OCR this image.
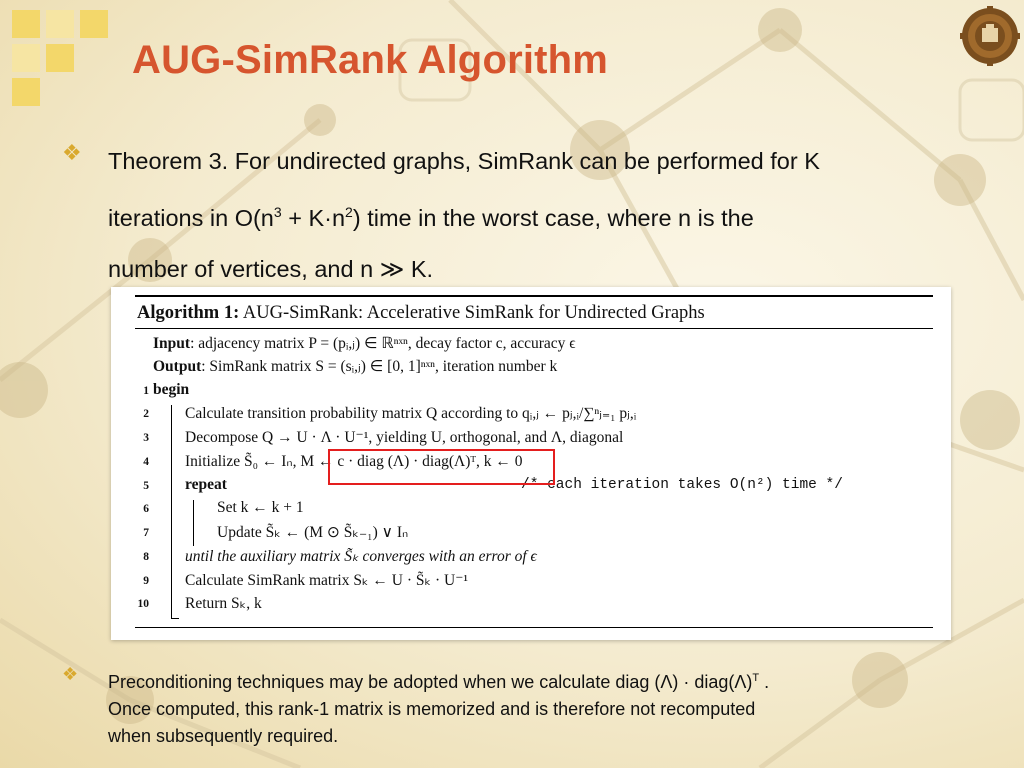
AUG-SimRank Algorithm
❖ Theorem 3. For undirected graphs, SimRank can be performed for K
iterations in $O(n^3 + K\cdot n^2)$ time in the worst case, where n is the
number of vertices, and n ≫ K.
Algorithm 1: AUG-SimRank: Accelerative SimRank for Undirected Graphs
Input: adjacency matrix P = (pᵢ,ⱼ) ∈ ℝⁿˣⁿ, decay factor c, accuracy ϵ
Output: SimRank matrix S = (sᵢ,ⱼ) ∈ [0, 1]ⁿˣⁿ, iteration number k
1
2
3
4
5
6
7
8
9
10
begin
Calculate transition probability matrix Q according to qᵢ,ⱼ ← pⱼ,ᵢ/∑ⁿⱼ₌₁ pⱼ,ᵢ
Decompose Q → U · Λ · U⁻¹, yielding U, orthogonal, and Λ, diagonal
Initialize S̃₀ ← Iₙ, M ← c · diag (Λ) · diag(Λ)ᵀ, k ← 0
repeat	/* each iteration takes O(n²) time */
Set k ← k + 1
Update S̃ₖ ← (M ⊙ S̃ₖ₋₁) ∨ Iₙ
until the auxiliary matrix S̃ₖ converges with an error of ϵ
Calculate SimRank matrix Sₖ ← U · S̃ₖ · U⁻¹
Return Sₖ, k
❖ Preconditioning techniques may be adopted when we calculate diag $(\Lambda) \cdot diag(\Lambda)^T$ .
Once computed, this rank-1 matrix is memorized and is therefore not recomputed
when subsequently required.
